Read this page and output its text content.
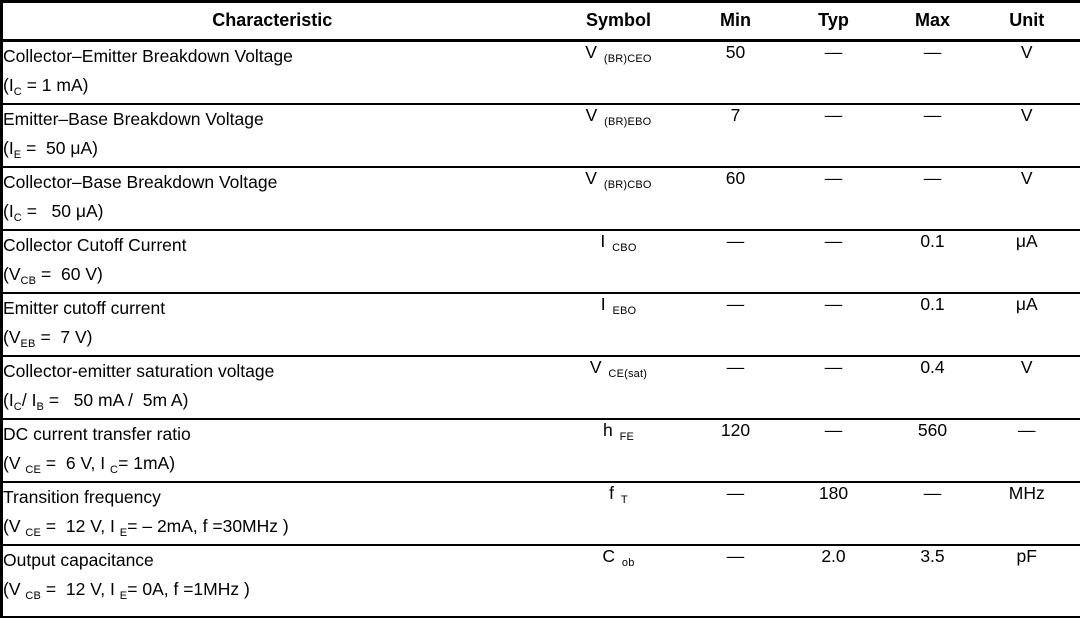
Characteristic	Symbol	Min	Typ	Max	Unit

Collector–Emitter Breakdown Voltage
($I_C = 1$ mA)	V $_{(BR)CEO}$	50	—	—	V

Emitter–Base Breakdown Voltage
($I_E = 50$ μA)	V $_{(BR)EBO}$	7	—	—	V

Collector–Base Breakdown Voltage
($I_C = 50$ μA)	V $_{(BR)CBO}$	60	—	—	V

Collector Cutoff Current
($V_{CB} = 60$ V)	I $_{CBO}$	—	—	0.1	μA

Emitter cutoff current
($V_{EB} = 7$ V)	I $_{EBO}$	—	—	0.1	μA

Collector-emitter saturation voltage
($I_C/$ $I_B = 50$ mA /  5m A)	V $_{CE(sat)}$	—	—	0.4	V

DC current transfer ratio
(V $_{CE}$ =  6 V, I $_C$= 1mA)	h $_{FE}$	120	—	560	—

Transition frequency
(V $_{CE}$ =  12 V, I $_E$= – 2mA, f =30MHz )	f $_T$	—	180	—	MHz

Output capacitance
(V $_{CB}$ =  12 V, I $_E$= 0A, f =1MHz )	C $_{ob}$	—	2.0	3.5	pF
